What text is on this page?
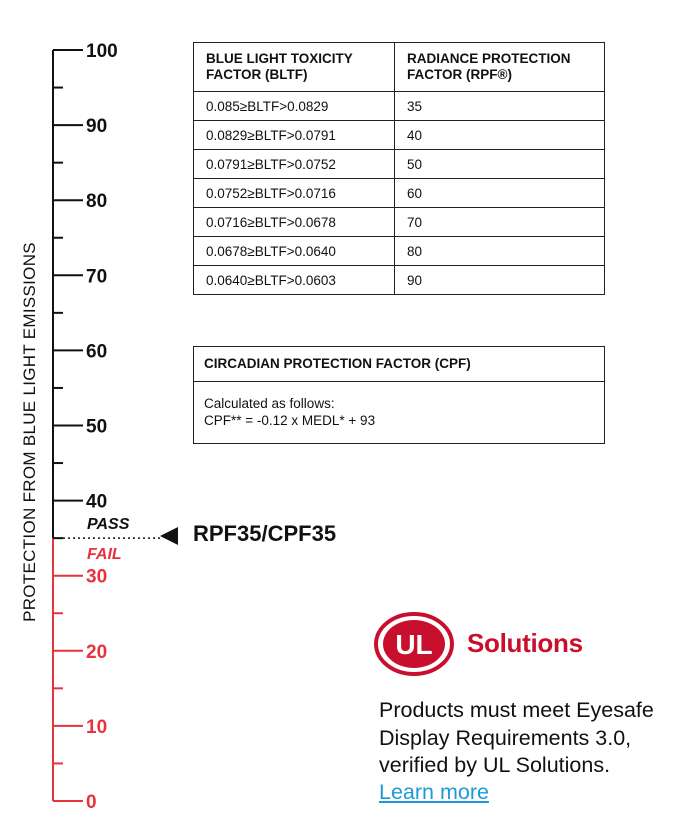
PROTECTION FROM BLUE LIGHT EMISSIONS
100
90
80
70
60
50
40
30
20
10
0
PASS
FAIL
RPF35/CPF35
BLUE LIGHT TOXICITY FACTOR (BLTF)	RADIANCE PROTECTION FACTOR (RPF®)
0.085≥BLTF>0.0829	35
0.0829≥BLTF>0.0791	40
0.0791≥BLTF>0.0752	50
0.0752≥BLTF>0.0716	60
0.0716≥BLTF>0.0678	70
0.0678≥BLTF>0.0640	80
0.0640≥BLTF>0.0603	90
CIRCADIAN PROTECTION FACTOR (CPF)
Calculated as follows:
CPF** = -0.12 x MEDL* + 93
UL Solutions
Products must meet Eyesafe
Display Requirements 3.0,
verified by UL Solutions.
Learn more
